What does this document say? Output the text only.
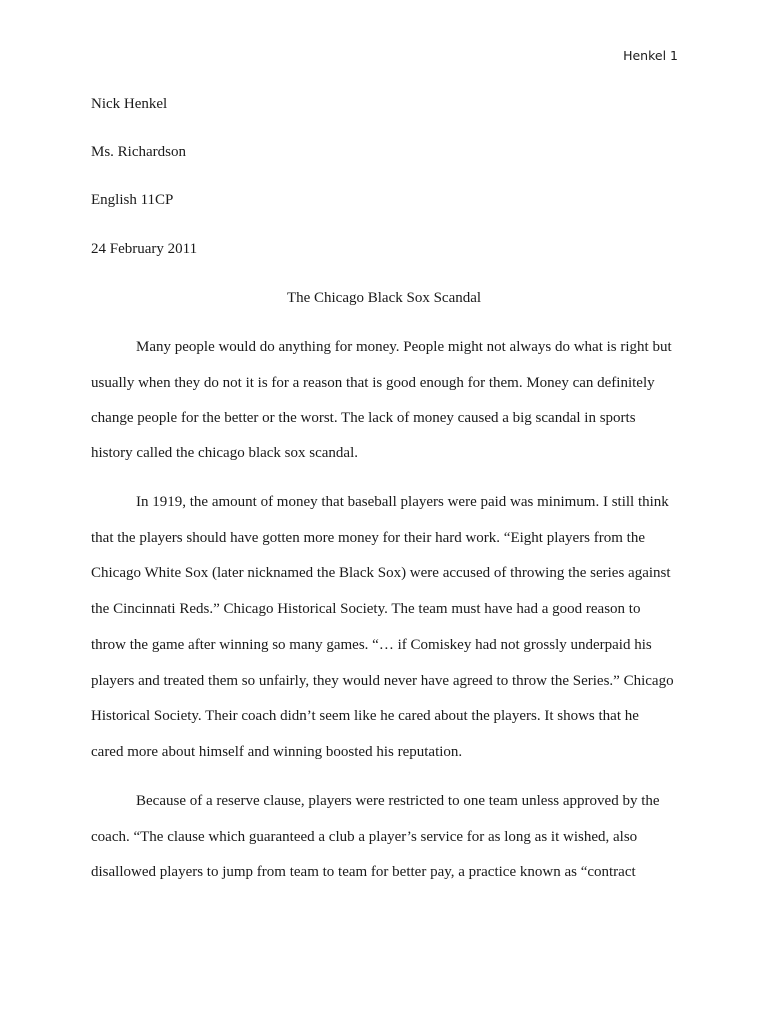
Henkel 1
Nick Henkel
Ms. Richardson
English 11CP
24 February 2011
The Chicago Black Sox Scandal
Many people would do anything for money. People might not always do what is right but
usually when they do not it is for a reason that is good enough for them. Money can definitely
change people for the better or the worst. The lack of money caused a big scandal in sports
history called the chicago black sox scandal.
In 1919, the amount of money that baseball players were paid was minimum. I still think
that the players should have gotten more money for their hard work. “Eight players from the
Chicago White Sox (later nicknamed the Black Sox) were accused of throwing the series against
the Cincinnati Reds.” Chicago Historical Society. The team must have had a good reason to
throw the game after winning so many games. “… if Comiskey had not grossly underpaid his
players and treated them so unfairly, they would never have agreed to throw the Series.” Chicago
Historical Society. Their coach didn’t seem like he cared about the players. It shows that he
cared more about himself and winning boosted his reputation.
Because of a reserve clause, players were restricted to one team unless approved by the
coach. “The clause which guaranteed a club a player’s service for as long as it wished, also
disallowed players to jump from team to team for better pay, a practice known as “contract
